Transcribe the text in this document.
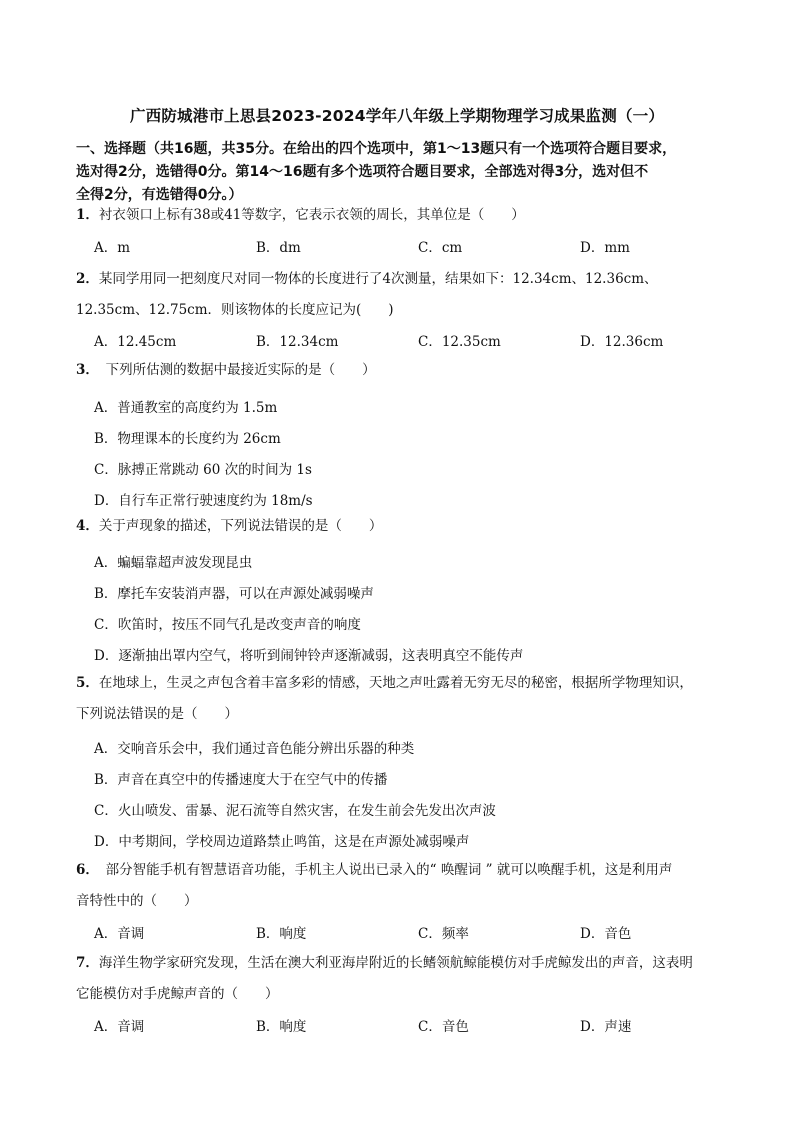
广西防城港市上思县2023-2024学年八年级上学期物理学习成果监测（一）
一、选择题（共16题，共35分。在给出的四个选项中，第1～13题只有一个选项符合题目要求，
选对得2分，选错得0分。第14～16题有多个选项符合题目要求，全部选对得3分，选对但不
全得2分，有选错得0分。）
1．衬衣领口上标有38或41等数字，它表示衣领的周长，其单位是（　　）
A．m	B．dm	C．cm	D．mm
2．某同学用同一把刻度尺对同一物体的长度进行了4次测量，结果如下：12.34cm、12.36cm、
12.35cm、12.75cm．则该物体的长度应记为(　　)
A．12.45cm	B．12.34cm	C．12.35cm	D．12.36cm
3．　下列所估测的数据中最接近实际的是（　　）
A．普通教室的高度约为 1.5m
B．物理课本的长度约为 26cm
C．脉搏正常跳动 60 次的时间为 1s
D．自行车正常行驶速度约为 18m/s
4．关于声现象的描述，下列说法错误的是（　　）
A．蝙蝠靠超声波发现昆虫
B．摩托车安装消声器，可以在声源处减弱噪声
C．吹笛时，按压不同气孔是改变声音的响度
D．逐渐抽出罩内空气，将听到闹钟铃声逐渐减弱，这表明真空不能传声
5．在地球上，生灵之声包含着丰富多彩的情感，天地之声吐露着无穷无尽的秘密，根据所学物理知识，
下列说法错误的是（　　）
A．交响音乐会中，我们通过音色能分辨出乐器的种类
B．声音在真空中的传播速度大于在空气中的传播
C．火山喷发、雷暴、泥石流等自然灾害，在发生前会先发出次声波
D．中考期间，学校周边道路禁止鸣笛，这是在声源处减弱噪声
6．　部分智能手机有智慧语音功能，手机主人说出已录入的“ 唤醒词 ” 就可以唤醒手机，这是利用声
音特性中的（　　）
A．音调	B．响度	C．频率	D．音色
7．海洋生物学家研究发现，生活在澳大利亚海岸附近的长鳍领航鲸能模仿对手虎鲸发出的声音，这表明
它能模仿对手虎鲸声音的（　　）
A．音调	B．响度	C．音色	D．声速
